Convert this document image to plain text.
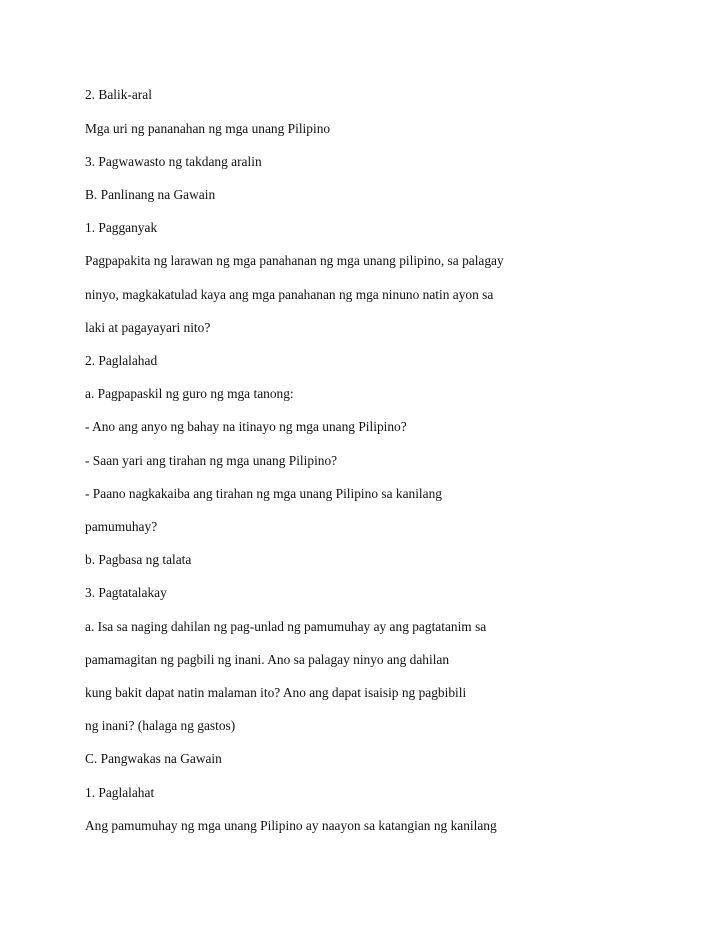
2. Balik-aral

Mga uri ng pananahan ng mga unang Pilipino

3. Pagwawasto ng takdang aralin

B. Panlinang na Gawain

1. Pagganyak

Pagpapakita ng larawan ng mga panahanan ng mga unang pilipino, sa palagay

ninyo, magkakatulad kaya ang mga panahanan ng mga ninuno natin ayon sa

laki at pagayayari nito?

2. Paglalahad

a. Pagpapaskil ng guro ng mga tanong:

- Ano ang anyo ng bahay na itinayo ng mga unang Pilipino?

- Saan yari ang tirahan ng mga unang Pilipino?

- Paano nagkakaiba ang tirahan ng mga unang Pilipino sa kanilang

pamumuhay?

b. Pagbasa ng talata

3. Pagtatalakay

a. Isa sa naging dahilan ng pag-unlad ng pamumuhay ay ang pagtatanim sa

pamamagitan ng pagbili ng inani. Ano sa palagay ninyo ang dahilan

kung bakit dapat natin malaman ito? Ano ang dapat isaisip ng pagbibili

ng inani? (halaga ng gastos)

C. Pangwakas na Gawain

1. Paglalahat

Ang pamumuhay ng mga unang Pilipino ay naayon sa katangian ng kanilang
